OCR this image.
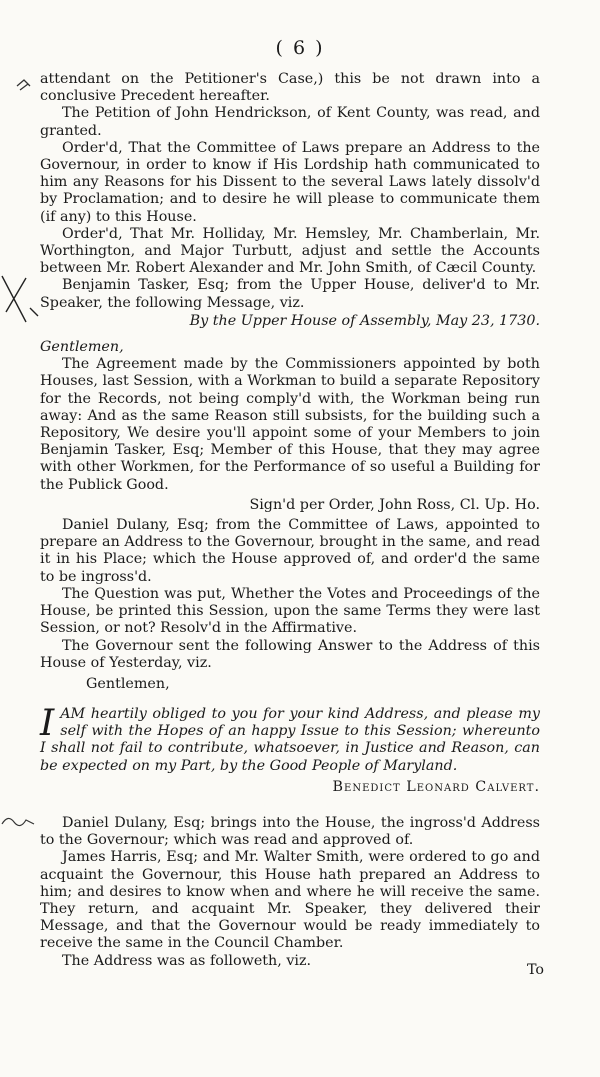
( 6 )

attendant on the Petitioner's Case,) this be not drawn into a conclusive Precedent hereafter.

The Petition of John Hendrickson, of Kent County, was read, and granted.

Order'd, That the Committee of Laws prepare an Address to the Governour, in order to know if His Lordship hath communicated to him any Reasons for his Dissent to the several Laws lately dissolv'd by Proclamation; and to desire he will please to communicate them (if any) to this House.

Order'd, That Mr. Holliday, Mr. Hemsley, Mr. Chamberlain, Mr. Worthington, and Major Turbutt, adjust and settle the Accounts between Mr. Robert Alexander and Mr. John Smith, of Cæcil County.

Benjamin Tasker, Esq; from the Upper House, deliver'd to Mr. Speaker, the following Message, viz.

By the Upper House of Assembly, May 23, 1730.

Gentlemen,

The Agreement made by the Commissioners appointed by both Houses, last Session, with a Workman to build a separate Repository for the Records, not being comply'd with, the Workman being run away: And as the same Reason still subsists, for the building such a Repository, We desire you'll appoint some of your Members to join Benjamin Tasker, Esq; Member of this House, that they may agree with other Workmen, for the Performance of so useful a Building for the Publick Good.

Sign'd per Order, John Ross, Cl. Up. Ho.

Daniel Dulany, Esq; from the Committee of Laws, appointed to prepare an Address to the Governour, brought in the same, and read it in his Place; which the House approved of, and order'd the same to be ingross'd.

The Question was put, Whether the Votes and Proceedings of the House, be printed this Session, upon the same Terms they were last Session, or not? Resolv'd in the Affirmative.

The Governour sent the following Answer to the Address of this House of Yesterday, viz.

Gentlemen,
IAM heartily obliged to you for your kind Address, and please my self with the Hopes of an happy Issue to this Session; whereunto I shall not fail to contribute, whatsoever, in Justice and Reason, can be expected on my Part, by the Good People of Maryland.
Benedict Leonard Calvert.

Daniel Dulany, Esq; brings into the House, the ingross'd Address to the Governour; which was read and approved of.

James Harris, Esq; and Mr. Walter Smith, were ordered to go and acquaint the Governour, this House hath prepared an Address to him; and desires to know when and where he will receive the same. They return, and acquaint Mr. Speaker, they delivered their Message, and that the Governour would be ready immediately to receive the same in the Council Chamber.

The Address was as followeth, viz.

To
